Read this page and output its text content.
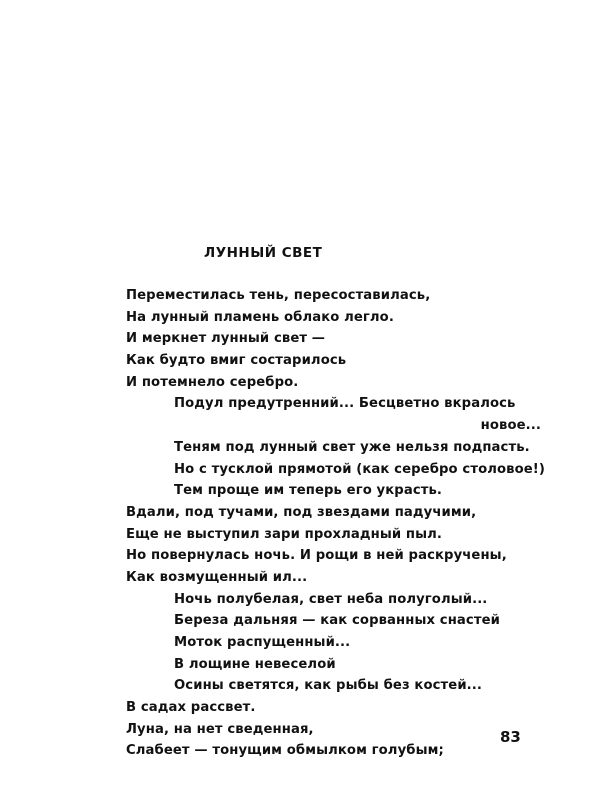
ЛУННЫЙ СВЕТ
Переместилась тень, пересоставилась,
На лунный пламень облако легло.
И меркнет лунный свет —
Как будто вмиг состарилось
И потемнело серебро.
Подул предутренний... Бесцветно вкралось
новое...
Теням под лунный свет уже нельзя подпасть.
Но с тусклой прямотой (как серебро столовое!)
Тем проще им теперь его украсть.
Вдали, под тучами, под звездами падучими,
Еще не выступил зари прохладный пыл.
Но повернулась ночь. И рощи в ней раскручены,
Как возмущенный ил...
Ночь полубелая, свет неба полуголый...
Береза дальняя — как сорванных снастей
Моток распущенный...
В лощине невеселой
Осины светятся, как рыбы без костей...
В садах рассвет.
Луна, на нет сведенная,
Слабеет — тонущим обмылком голубым;
83
